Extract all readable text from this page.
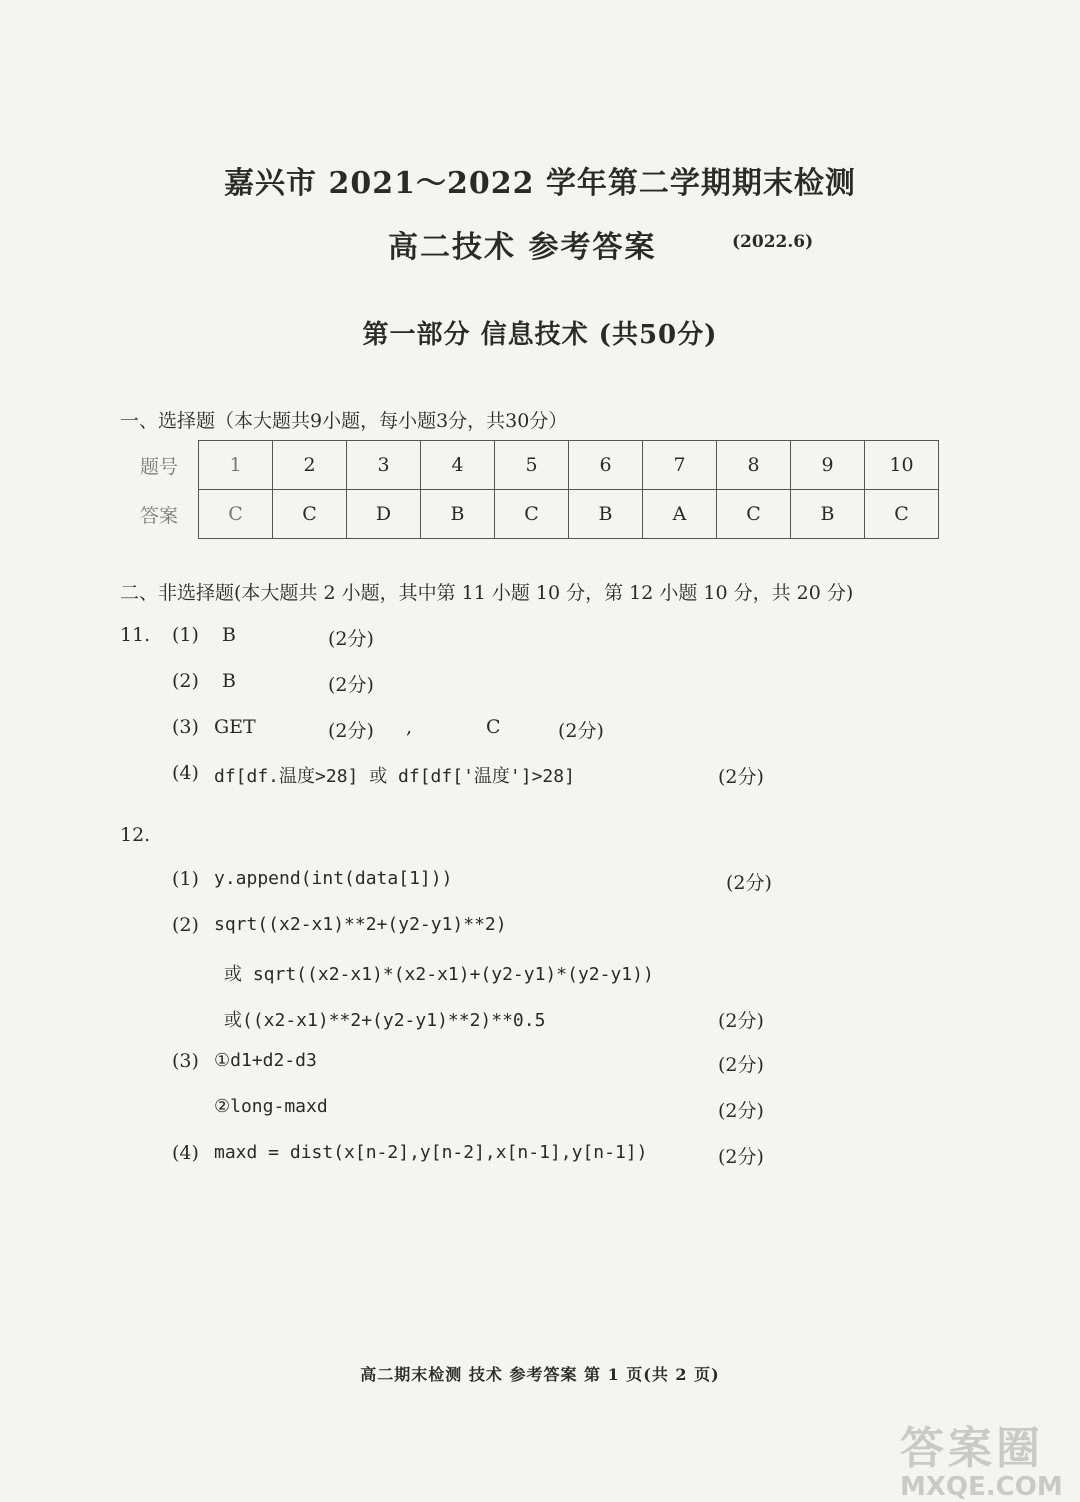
嘉兴市 2021～2022 学年第二学期期末检测
高二技术 参考答案	(2022.6)
第一部分 信息技术 (共50分)
一、选择题（本大题共9小题，每小题3分，共30分）
题号	1	2	3	4	5	6	7	8	9	10
答案	C	C	D	B	C	B	A	C	B	C
二、非选择题(本大题共 2 小题，其中第 11 小题 10 分，第 12 小题 10 分，共 20 分)
11. (1) B	(2分)
(2) B	(2分)
(3) GET	(2分) ,	C	(2分)
(4) df[df.温度>28] 或 df[df['温度']>28]	(2分)
12.
(1) y.append(int(data[1]))	(2分)
(2) sqrt((x2-x1)**2+(y2-y1)**2)
或 sqrt((x2-x1)*(x2-x1)+(y2-y1)*(y2-y1))
或((x2-x1)**2+(y2-y1)**2)**0.5	(2分)
(3) ①d1+d2-d3	(2分)
②long-maxd	(2分)
(4) maxd = dist(x[n-2],y[n-2],x[n-1],y[n-1])	(2分)
高二期末检测 技术 参考答案 第 1 页(共 2 页)
答案圈
MXQE.COM
